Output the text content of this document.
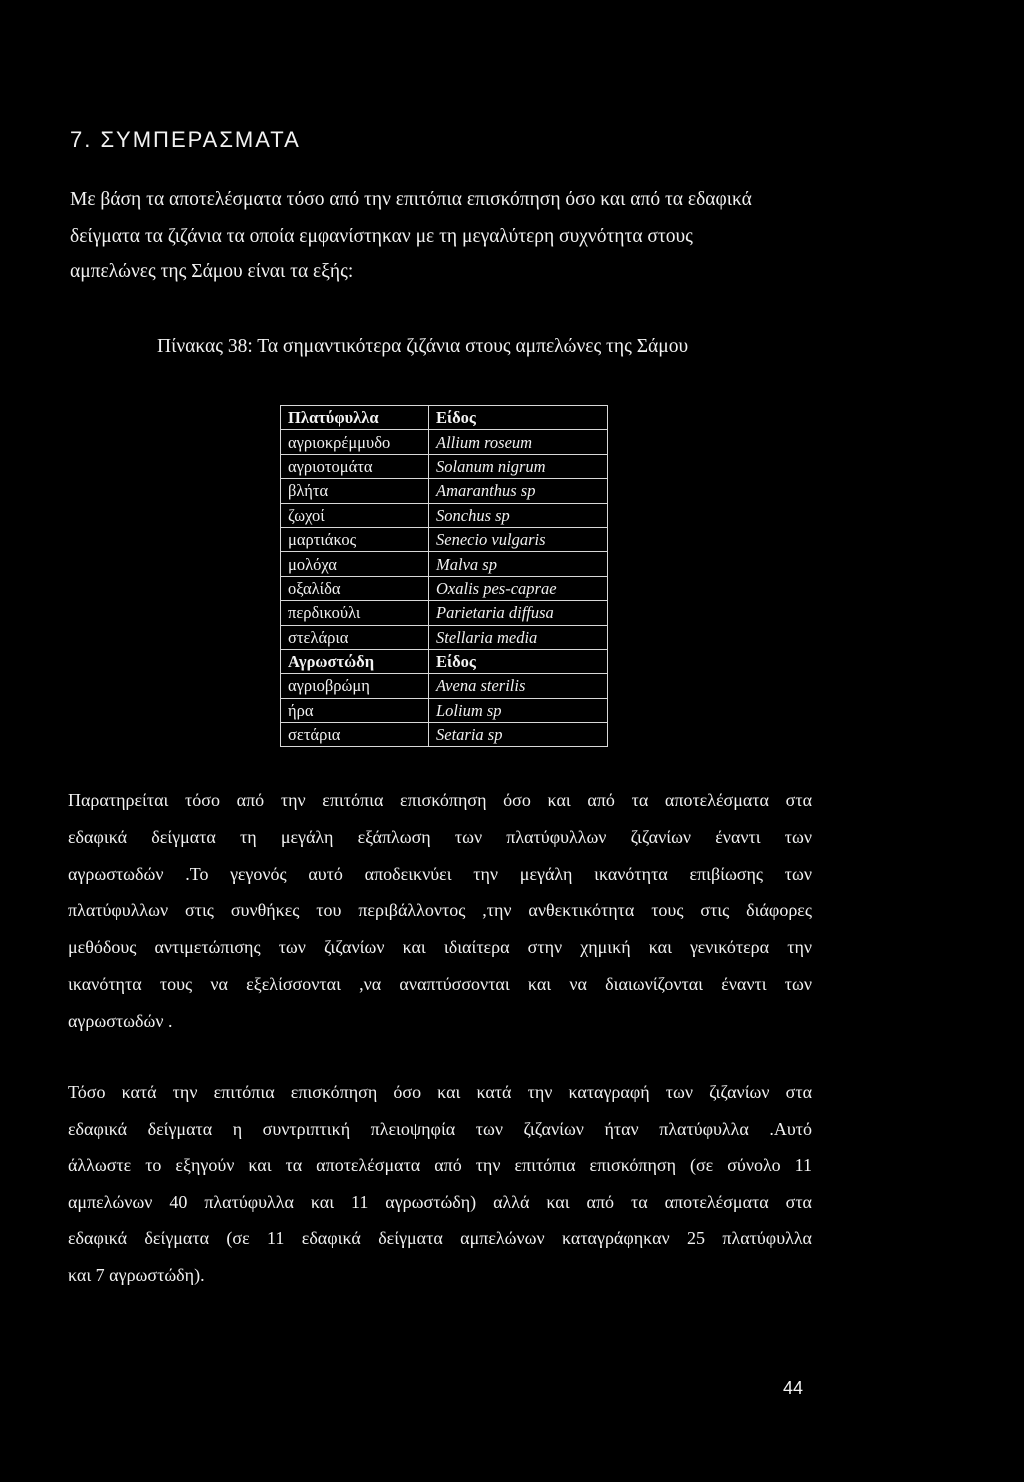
7. ΣΥΜΠΕΡΑΣΜΑΤΑ
Με βάση τα αποτελέσματα τόσο από την επιτόπια επισκόπηση όσο και από τα εδαφικά
δείγματα τα ζιζάνια τα οποία εμφανίστηκαν με τη μεγαλύτερη συχνότητα στους
αμπελώνες της Σάμου είναι τα εξής:
Πίνακας 38: Τα σημαντικότερα ζιζάνια στους αμπελώνες της Σάμου
Πλατύφυλλα	Είδος
αγριοκρέμμυδο	Allium roseum
αγριοτομάτα	Solanum nigrum
βλήτα	Amaranthus sp
ζωχοί	Sonchus sp
μαρτιάκος	Senecio vulgaris
μολόχα	Malva sp
οξαλίδα	Oxalis pes-caprae
περδικούλι	Parietaria diffusa
στελάρια	Stellaria media
Αγρωστώδη	Είδος
αγριοβρώμη	Avena sterilis
ήρα	Lolium sp
σετάρια	Setaria sp
Παρατηρείται τόσο από την επιτόπια επισκόπηση όσο και από τα αποτελέσματα στα
εδαφικά δείγματα τη μεγάλη εξάπλωση των πλατύφυλλων ζιζανίων έναντι των
αγρωστωδών .Το γεγονός αυτό αποδεικνύει την μεγάλη ικανότητα επιβίωσης των
πλατύφυλλων στις συνθήκες του περιβάλλοντος ,την ανθεκτικότητα τους στις διάφορες
μεθόδους αντιμετώπισης των ζιζανίων και ιδιαίτερα στην χημική και γενικότερα την
ικανότητα τους να εξελίσσονται ,να αναπτύσσονται και να διαιωνίζονται έναντι των
αγρωστωδών .
Τόσο κατά την επιτόπια επισκόπηση όσο και κατά την καταγραφή των ζιζανίων στα
εδαφικά δείγματα η συντριπτική πλειοψηφία των ζιζανίων ήταν πλατύφυλλα .Αυτό
άλλωστε το εξηγούν και τα αποτελέσματα από την επιτόπια επισκόπηση (σε σύνολο 11
αμπελώνων 40 πλατύφυλλα και 11 αγρωστώδη) αλλά και από τα αποτελέσματα στα
εδαφικά δείγματα (σε 11 εδαφικά δείγματα αμπελώνων καταγράφηκαν 25 πλατύφυλλα
και 7 αγρωστώδη).
44
